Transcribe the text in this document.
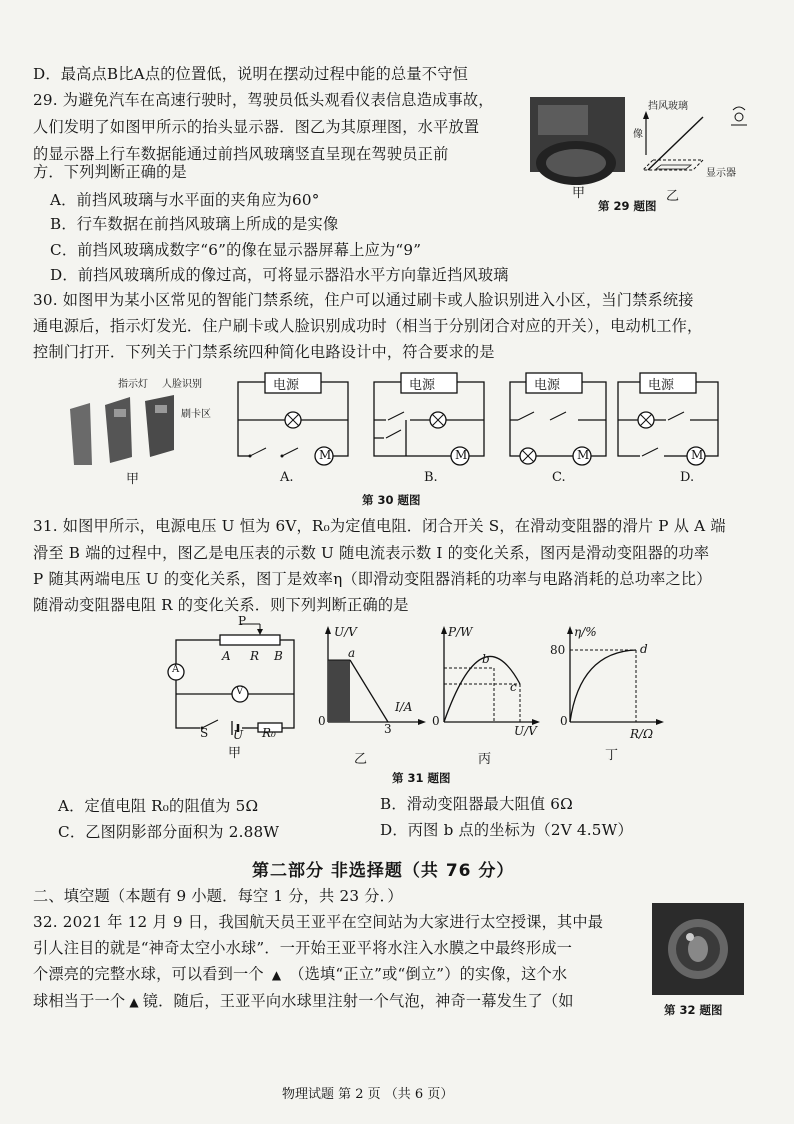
D．最高点B比A点的位置低，说明在摆动过程中能的总量不守恒
29. 为避免汽车在高速行驶时，驾驶员低头观看仪表信息造成事故，
人们发明了如图甲所示的抬头显示器．图乙为其原理图，水平放置
的显示器上行车数据能通过前挡风玻璃竖直呈现在驾驶员正前
方．下列判断正确的是
A．前挡风玻璃与水平面的夹角应为60°
B．行车数据在前挡风玻璃上所成的是实像
C．前挡风玻璃成数字“6”的像在显示器屏幕上应为“9”
D．前挡风玻璃所成的像过高，可将显示器沿水平方向靠近挡风玻璃
挡风玻璃
像
显示器
甲	乙
第 29 题图
30. 如图甲为某小区常见的智能门禁系统，住户可以通过刷卡或人脸识别进入小区，当门禁系统接
通电源后，指示灯发光．住户刷卡或人脸识别成功时（相当于分别闭合对应的开关），电动机工作，
控制门打开．下列关于门禁系统四种简化电路设计中，符合要求的是
指示灯 人脸识别
刷卡区
甲
电源	电源	电源	电源
M	M	M	M
A.	B.	C.	D.
第 30 题图
31. 如图甲所示，电源电压 U 恒为 6V，R₀为定值电阻．闭合开关 S，在滑动变阻器的滑片 P 从 A 端
滑至 B 端的过程中，图乙是电压表的示数 U 随电流表示数 I 的变化关系，图丙是滑动变阻器的功率
P 随其两端电压 U 的变化关系，图丁是效率η（即滑动变阻器消耗的功率与电路消耗的总功率之比）
随滑动变阻器电阻 R 的变化关系．则下列判断正确的是
P
A R B
A
V
S U R₀
甲
U/V
I/A
0
3
a
乙
P/W
U/V
0
b
c
丙
η/%
R/Ω
0
80	d
丁
第 31 题图
A．定值电阻 R₀的阻值为 5Ω	B．滑动变阻器最大阻值 6Ω
C．乙图阴影部分面积为 2.88W	D．丙图 b 点的坐标为（2V 4.5W）
第二部分 非选择题（共 76 分）
二、填空题（本题有 9 小题．每空 1 分，共 23 分．）
32. 2021 年 12 月 9 日，我国航天员王亚平在空间站为大家进行太空授课，其中最
引人注目的就是“神奇太空小水球”．一开始王亚平将水注入水膜之中最终形成一
个漂亮的完整水球，可以看到一个 ▲ （选填“正立”或“倒立”）的实像，这个水
球相当于一个 ▲ 镜．随后，王亚平向水球里注射一个气泡，神奇一幕发生了（如	第 32 题图
物理试题 第 2 页 （共 6 页）
